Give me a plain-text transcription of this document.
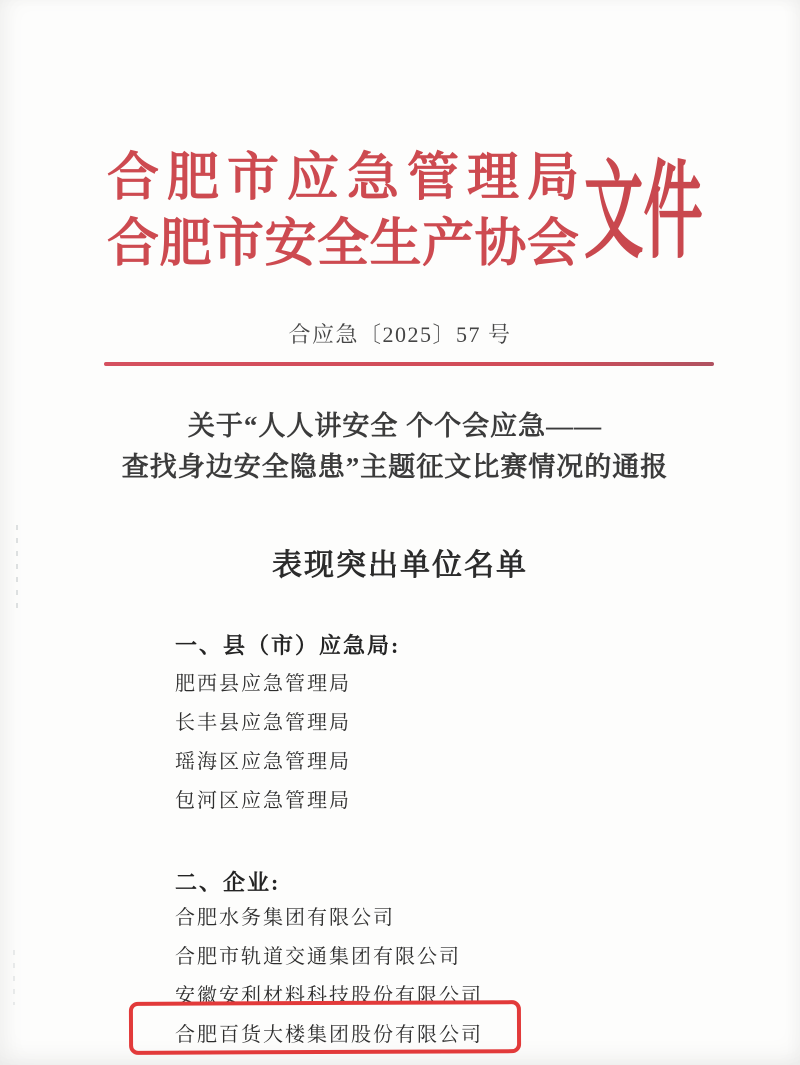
合肥市应急管理局
合肥市安全生产协会 文件
合应急〔2025〕57 号
关于“人人讲安全 个个会应急——
查找身边安全隐患”主题征文比赛情况的通报
表现突出单位名单
一、县（市）应急局:
肥西县应急管理局
长丰县应急管理局
瑶海区应急管理局
包河区应急管理局
二、企业:
合肥水务集团有限公司
合肥市轨道交通集团有限公司
安徽安利材料科技股份有限公司
合肥百货大楼集团股份有限公司
